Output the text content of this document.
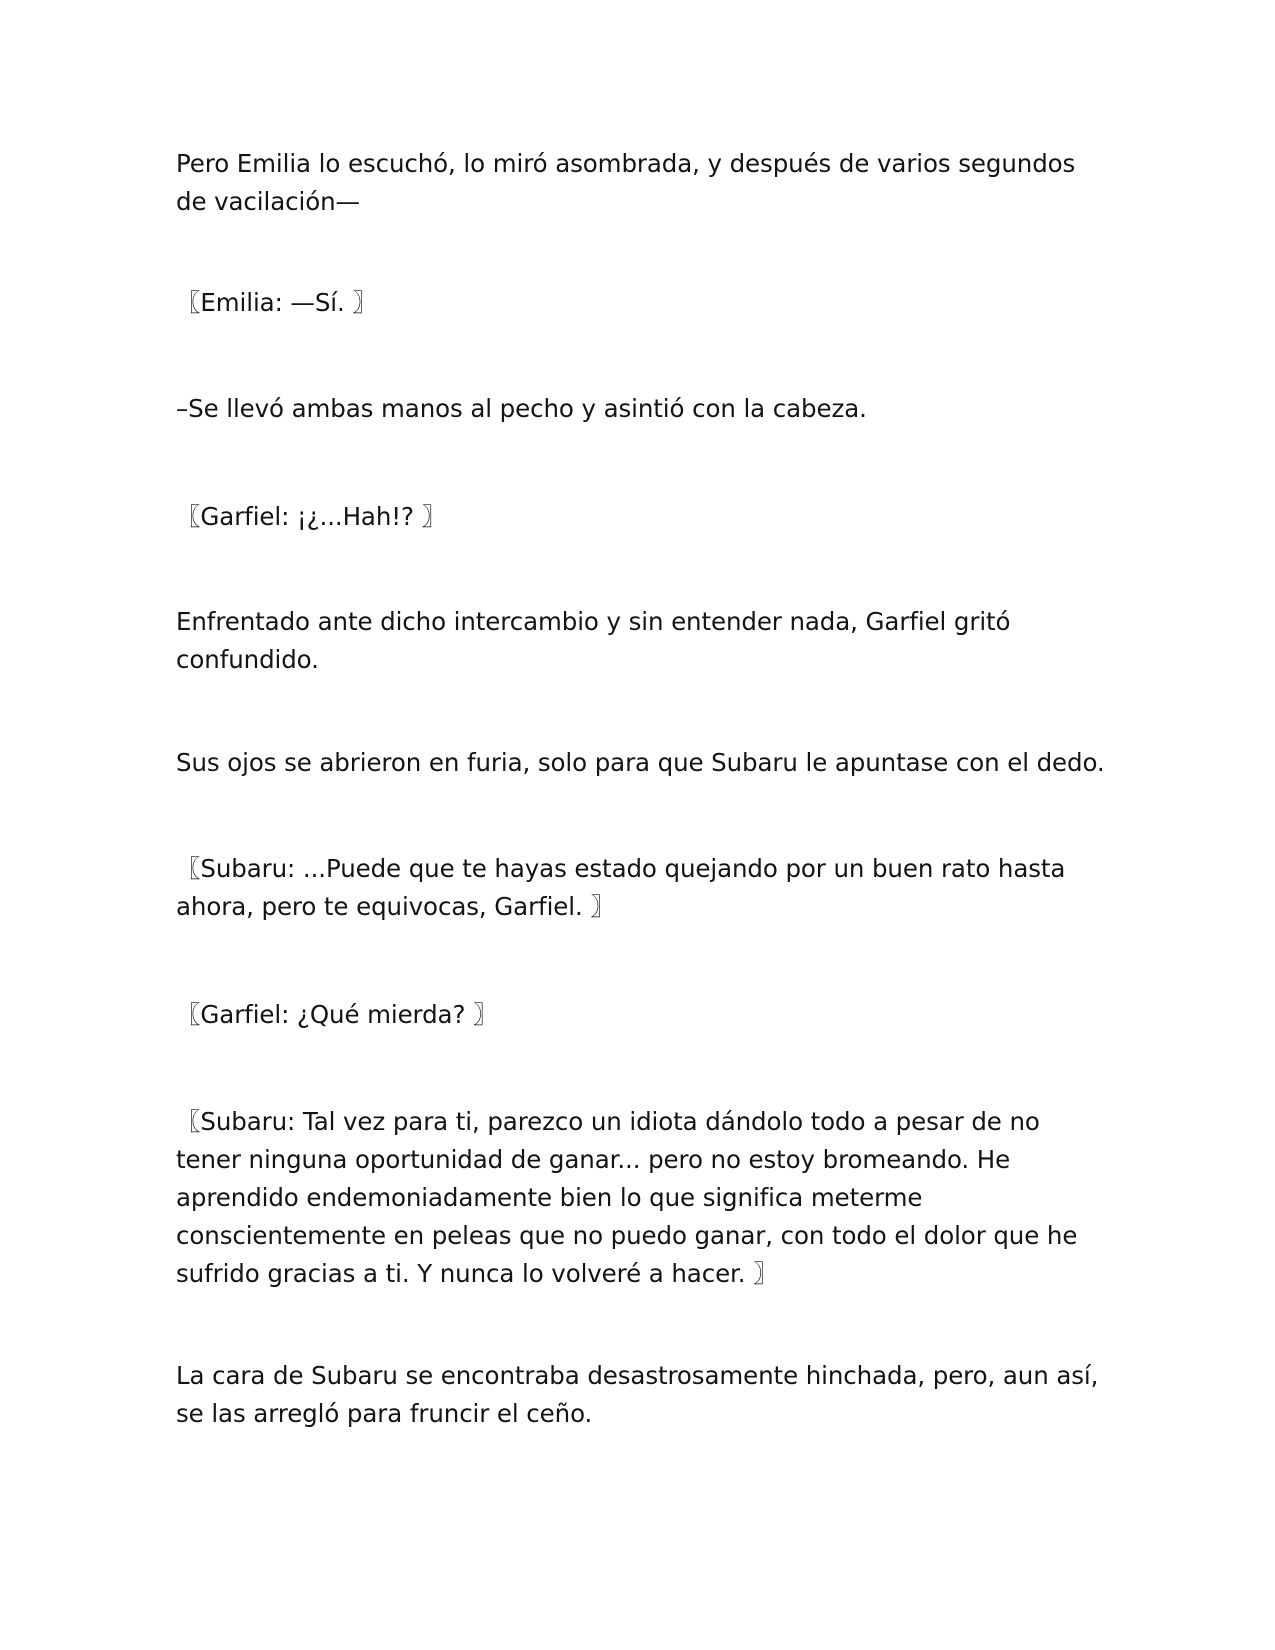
Pero Emilia lo escuchó, lo miró asombrada, y después de varios segundos de vacilación—

〖Emilia: —Sí. 〗

–Se llevó ambas manos al pecho y asintió con la cabeza.

〖Garfiel: ¡¿...Hah!? 〗

Enfrentado ante dicho intercambio y sin entender nada, Garfiel gritó confundido.

Sus ojos se abrieron en furia, solo para que Subaru le apuntase con el dedo.

〖Subaru: ...Puede que te hayas estado quejando por un buen rato hasta ahora, pero te equivocas, Garfiel. 〗

〖Garfiel: ¿Qué mierda? 〗

〖Subaru: Tal vez para ti, parezco un idiota dándolo todo a pesar de no tener ninguna oportunidad de ganar... pero no estoy bromeando. He aprendido endemoniadamente bien lo que significa meterme conscientemente en peleas que no puedo ganar, con todo el dolor que he sufrido gracias a ti. Y nunca lo volveré a hacer. 〗

La cara de Subaru se encontraba desastrosamente hinchada, pero, aun así, se las arregló para fruncir el ceño.
